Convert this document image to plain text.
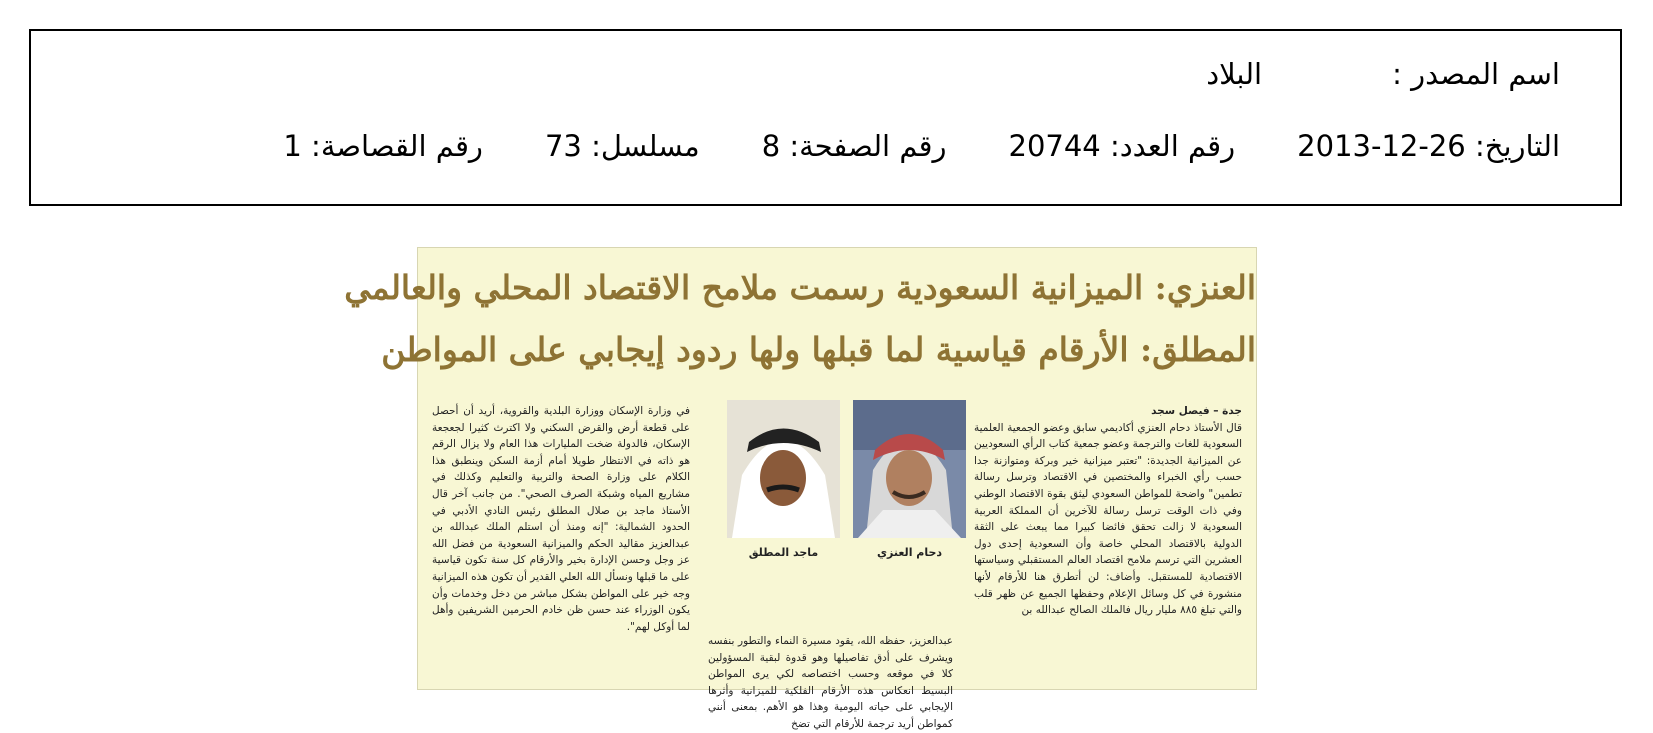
اسم المصدر :البلاد
التاريخ: 26-12-2013رقم العدد: 20744رقم الصفحة: 8مسلسل: 73رقم القصاصة: 1
العنزي: الميزانية السعودية رسمت ملامح الاقتصاد المحلي والعالمي
المطلق: الأرقام قياسية لما قبلها ولها ردود إيجابي على المواطن
جدة – فيصل سجد
قال الأستاذ دحام العنزي أكاديمي سابق وعضو الجمعية العلمية السعودية للغات والترجمة وعضو جمعية كتاب الرأي السعوديين عن الميزانية الجديدة: "تعتبر ميزانية خير وبركة ومتوازنة جدا حسب رأي الخبراء والمختصين في الاقتصاد وترسل رسالة تطمين" واضحة للمواطن السعودي ليثق بقوة الاقتصاد الوطني وفي ذات الوقت ترسل رسالة للآخرين أن المملكة العربية السعودية لا زالت تحقق فائضا كبيرا مما يبعث على الثقة الدولية بالاقتصاد المحلي خاصة وأن السعودية إحدى دول العشرين التي ترسم ملامح اقتصاد العالم المستقبلي وسياستها الاقتصادية للمستقبل. وأضاف: لن أتطرق هنا للأرقام لأنها منشورة في كل وسائل الإعلام وحفظها الجميع عن ظهر قلب والتي تبلغ ٨٨٥ مليار ريال فالملك الصالح عبدالله بن
دحام العنزي
ماجد المطلق
عبدالعزيز، حفظه الله، يقود مسيرة النماء والتطور بنفسه ويشرف على أدق تفاصيلها وهو قدوة لبقية المسؤولين كلا في موقعه وحسب اختصاصه لكي يرى المواطن البسيط انعكاس هذه الأرقام الفلكية للميزانية وأثرها الإيجابي على حياته اليومية وهذا هو الأهم. بمعنى أنني كمواطن أريد ترجمة للأرقام التي تضخ
في وزارة الإسكان ووزارة البلدية والقروية، أريد أن أحصل على قطعة أرض والقرض السكني ولا اكترث كثيرا لجعجعة الإسكان، فالدولة ضخت المليارات هذا العام ولا يزال الرقم هو ذاته في الانتظار طويلا أمام أزمة السكن وينطبق هذا الكلام على وزارة الصحة والتربية والتعليم وكذلك في مشاريع المياه وشبكة الصرف الصحي". من جانب آخر قال الأستاذ ماجد بن صلال المطلق رئيس النادي الأدبي في الحدود الشمالية: "إنه ومنذ أن استلم الملك عبدالله بن عبدالعزيز مقاليد الحكم والميزانية السعودية من فضل الله عز وجل وحسن الإدارة بخير والأرقام كل سنة تكون قياسية على ما قبلها ونسأل الله العلي القدير أن تكون هذه الميزانية وجه خير على المواطن بشكل مباشر من دخل وخدمات وأن يكون الوزراء عند حسن ظن خادم الحرمين الشريفين وأهل لما أوكل لهم".
